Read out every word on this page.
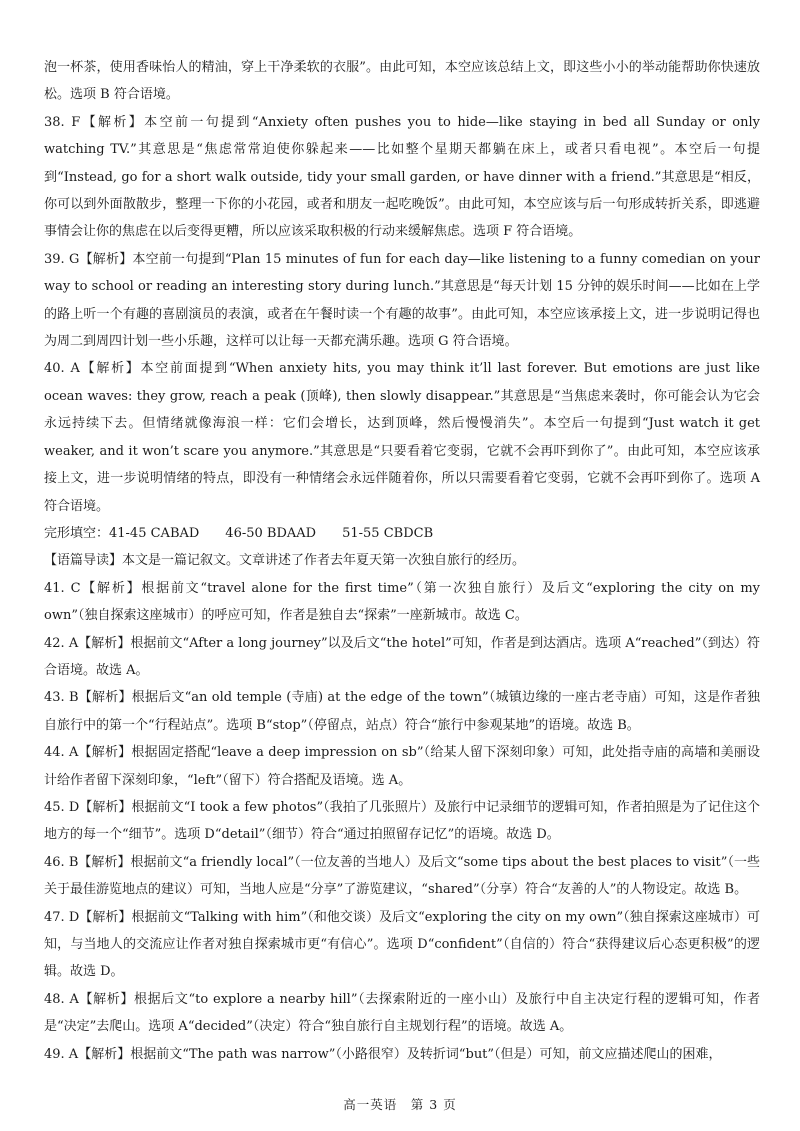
泡一杯茶，使用香味怡人的精油，穿上干净柔软的衣服”。由此可知，本空应该总结上文，即这些小小的举动能帮助你快速放松。选项 B 符合语境。

38. F【解析】本空前一句提到“Anxiety often pushes you to hide—like staying in bed all Sunday or only watching TV.”其意思是“焦虑常常迫使你躲起来——比如整个星期天都躺在床上，或者只看电视”。本空后一句提到“Instead, go for a short walk outside, tidy your small garden, or have dinner with a friend.”其意思是“相反，你可以到外面散散步，整理一下你的小花园，或者和朋友一起吃晚饭”。由此可知，本空应该与后一句形成转折关系，即逃避事情会让你的焦虑在以后变得更糟，所以应该采取积极的行动来缓解焦虑。选项 F 符合语境。

39. G【解析】本空前一句提到“Plan 15 minutes of fun for each day—like listening to a funny comedian on your way to school or reading an interesting story during lunch.”其意思是“每天计划 15 分钟的娱乐时间——比如在上学的路上听一个有趣的喜剧演员的表演，或者在午餐时读一个有趣的故事”。由此可知，本空应该承接上文，进一步说明记得也为周二到周四计划一些小乐趣，这样可以让每一天都充满乐趣。选项 G 符合语境。

40. A【解析】本空前面提到“When anxiety hits, you may think it’ll last forever. But emotions are just like ocean waves: they grow, reach a peak (顶峰), then slowly disappear.”其意思是“当焦虑来袭时，你可能会认为它会永远持续下去。但情绪就像海浪一样：它们会增长，达到顶峰，然后慢慢消失”。本空后一句提到“Just watch it get weaker, and it won’t scare you anymore.”其意思是“只要看着它变弱，它就不会再吓到你了”。由此可知，本空应该承接上文，进一步说明情绪的特点，即没有一种情绪会永远伴随着你，所以只需要看着它变弱，它就不会再吓到你了。选项 A 符合语境。

完形填空：41-45 CABAD　　46-50 BDAAD　　51-55 CBDCB

【语篇导读】本文是一篇记叙文。文章讲述了作者去年夏天第一次独自旅行的经历。

41. C【解析】根据前文“travel alone for the first time”（第一次独自旅行）及后文“exploring the city on my own”（独自探索这座城市）的呼应可知，作者是独自去“探索”一座新城市。故选 C。

42. A【解析】根据前文“After a long journey”以及后文“the hotel”可知，作者是到达酒店。选项 A“reached”（到达）符合语境。故选 A。

43. B【解析】根据后文“an old temple (寺庙) at the edge of the town”（城镇边缘的一座古老寺庙）可知，这是作者独自旅行中的第一个“行程站点”。选项 B“stop”（停留点，站点）符合“旅行中参观某地”的语境。故选 B。

44. A【解析】根据固定搭配“leave a deep impression on sb”（给某人留下深刻印象）可知，此处指寺庙的高墙和美丽设计给作者留下深刻印象，“left”（留下）符合搭配及语境。选 A。

45. D【解析】根据前文“I took a few photos”（我拍了几张照片）及旅行中记录细节的逻辑可知，作者拍照是为了记住这个地方的每一个“细节”。选项 D“detail”（细节）符合“通过拍照留存记忆”的语境。故选 D。

46. B【解析】根据前文“a friendly local”（一位友善的当地人）及后文“some tips about the best places to visit”（一些关于最佳游览地点的建议）可知，当地人应是“分享”了游览建议，“shared”（分享）符合“友善的人”的人物设定。故选 B。

47. D【解析】根据前文“Talking with him”（和他交谈）及后文“exploring the city on my own”（独自探索这座城市）可知，与当地人的交流应让作者对独自探索城市更“有信心”。选项 D“confident”（自信的）符合“获得建议后心态更积极”的逻辑。故选 D。

48. A【解析】根据后文“to explore a nearby hill”（去探索附近的一座小山）及旅行中自主决定行程的逻辑可知，作者是“决定”去爬山。选项 A“decided”（决定）符合“独自旅行自主规划行程”的语境。故选 A。

49. A【解析】根据前文“The path was narrow”（小路很窄）及转折词“but”（但是）可知，前文应描述爬山的困难，

高一英语　第 3 页
